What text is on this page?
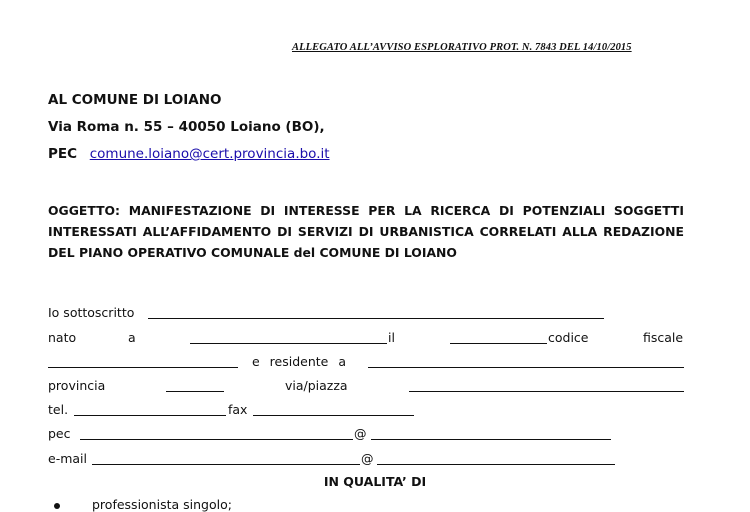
ALLEGATO ALL’AVVISO ESPLORATIVO PROT. N. 7843 DEL 14/10/2015
AL COMUNE DI LOIANO
Via Roma n. 55 – 40050 Loiano (BO),
PEC comune.loiano@cert.provincia.bo.it
OGGETTO: MANIFESTAZIONE DI INTERESSE PER LA RICERCA DI POTENZIALI SOGGETTI INTERESSATI ALL’AFFIDAMENTO DI SERVIZI DI URBANISTICA CORRELATI ALLA REDAZIONE DEL PIANO OPERATIVO COMUNALE del COMUNE DI LOIANO
Io sottoscritto
nato	a	il	codice	fiscale
e residente a
provincia	via/piazza
tel.	fax
pec	@
e-mail	@
IN QUALITA’ DI
professionista singolo;
